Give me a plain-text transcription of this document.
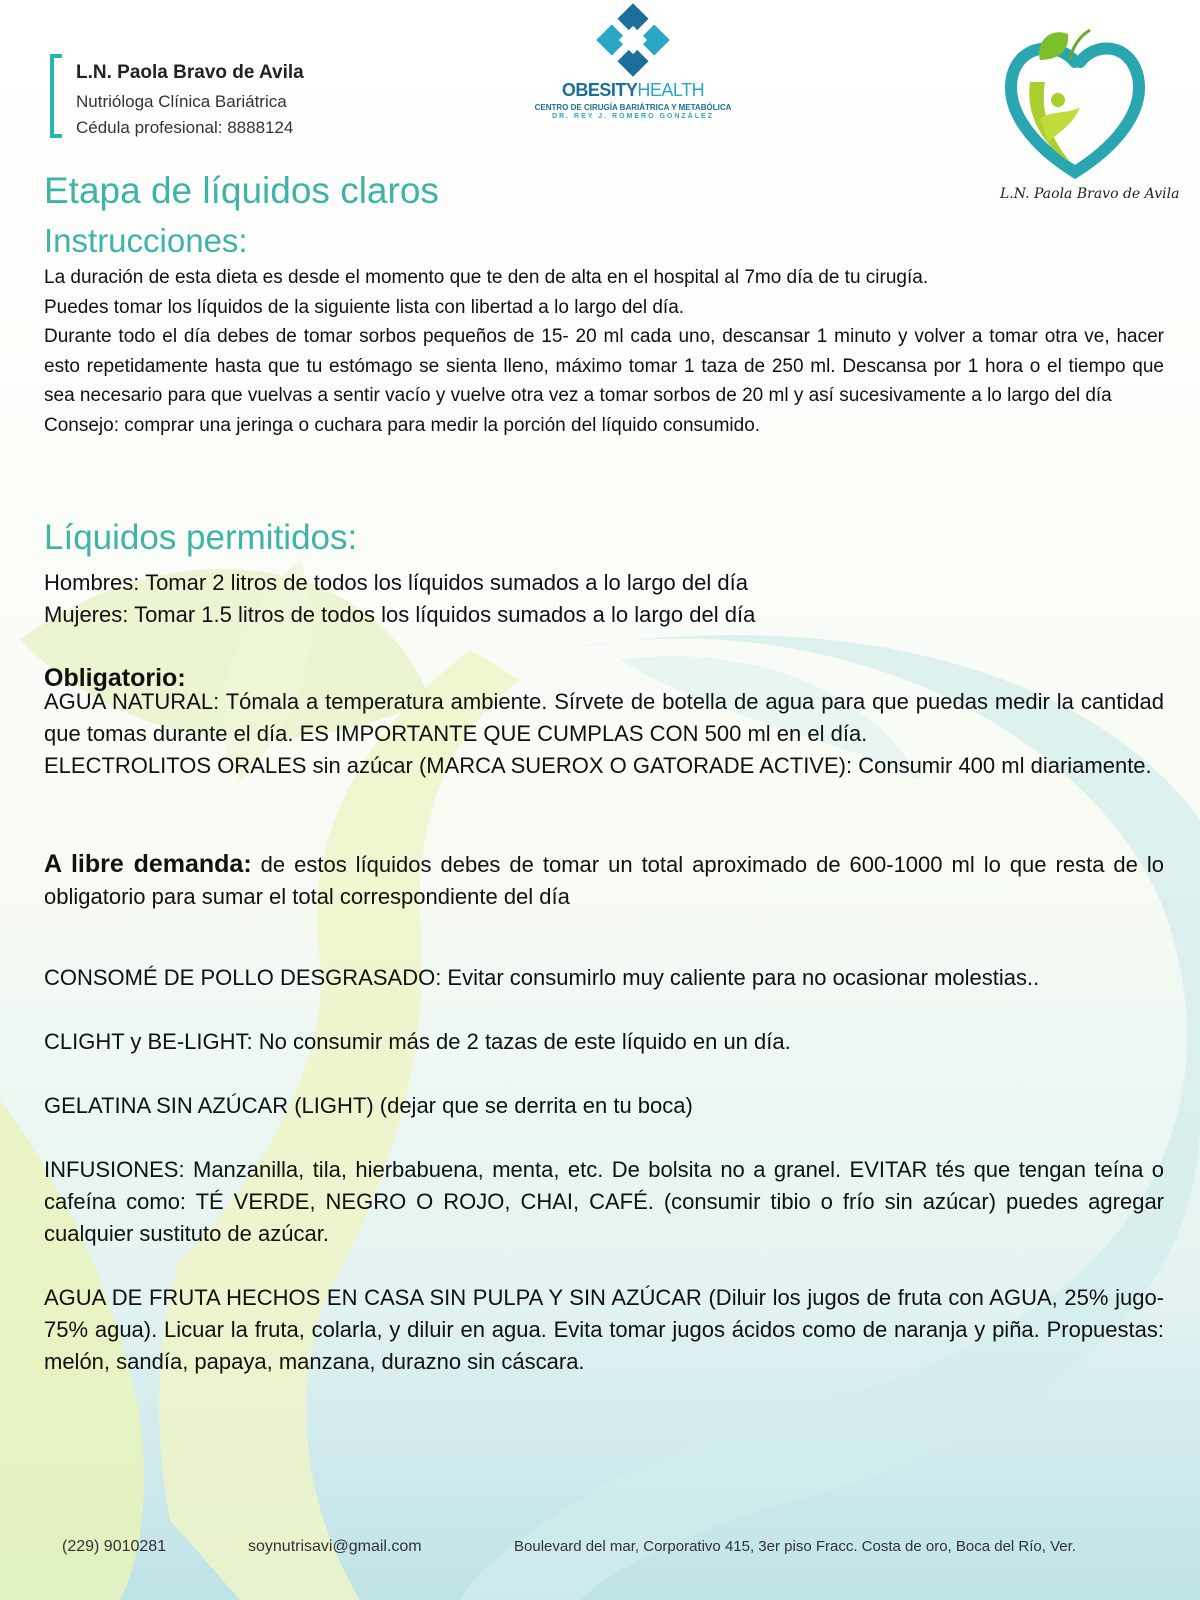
L.N. Paola Bravo de Avila
Nutrióloga Clínica Bariátrica
Cédula profesional: 8888124
OBESITYHEALTH
CENTRO DE CIRUGÍA BARIÁTRICA Y METABÓLICA
DR. REY J. ROMERO GONZÁLEZ
L.N. Paola Bravo de Avila
Etapa de líquidos claros
Instrucciones:

La duración de esta dieta es desde el momento que te den de alta en el hospital al 7mo día de tu cirugía.

Puedes tomar los líquidos de la siguiente lista con libertad a lo largo del día.

Durante todo el día debes de tomar sorbos pequeños de 15- 20 ml cada uno, descansar 1 minuto y volver a tomar otra ve, hacer esto repetidamente hasta que tu estómago se sienta lleno, máximo tomar 1 taza de 250 ml. Descansa por 1 hora o el tiempo que sea necesario para que vuelvas a sentir vacío y vuelve otra vez a tomar sorbos de 20 ml y así sucesivamente a lo largo del día

Consejo: comprar una jeringa o cuchara para medir la porción del líquido consumido.

Líquidos permitidos:

Hombres: Tomar 2 litros de todos los líquidos sumados a lo largo del día

Mujeres: Tomar 1.5 litros de todos los líquidos sumados a lo largo del día

Obligatorio:

AGUA NATURAL: Tómala a temperatura ambiente. Sírvete de botella de agua para que puedas medir la cantidad que tomas durante el día. ES IMPORTANTE QUE CUMPLAS CON 500 ml en el día.

ELECTROLITOS ORALES sin azúcar (MARCA SUEROX O GATORADE ACTIVE): Consumir 400 ml diariamente.

A libre demanda: de estos líquidos debes de tomar un total aproximado de 600-1000 ml lo que resta de lo obligatorio para sumar el total correspondiente del día

CONSOMÉ DE POLLO DESGRASADO: Evitar consumirlo muy caliente para no ocasionar molestias..
CLIGHT y BE-LIGHT: No consumir más de 2 tazas de este líquido en un día.
GELATINA SIN AZÚCAR (LIGHT) (dejar que se derrita en tu boca)
INFUSIONES: Manzanilla, tila, hierbabuena, menta, etc. De bolsita no a granel. EVITAR tés que tengan teína o cafeína como: TÉ VERDE, NEGRO O ROJO, CHAI, CAFÉ. (consumir tibio o frío sin azúcar) puedes agregar cualquier sustituto de azúcar.
AGUA DE FRUTA HECHOS EN CASA SIN PULPA Y SIN AZÚCAR (Diluir los jugos de fruta con AGUA, 25% jugo-75% agua). Licuar la fruta, colarla, y diluir en agua. Evita tomar jugos ácidos como de naranja y piña. Propuestas: melón, sandía, papaya, manzana, durazno sin cáscara.
(229) 9010281	soynutrisavi@gmail.com	Boulevard del mar, Corporativo 415, 3er piso Fracc. Costa de oro, Boca del Río, Ver.
